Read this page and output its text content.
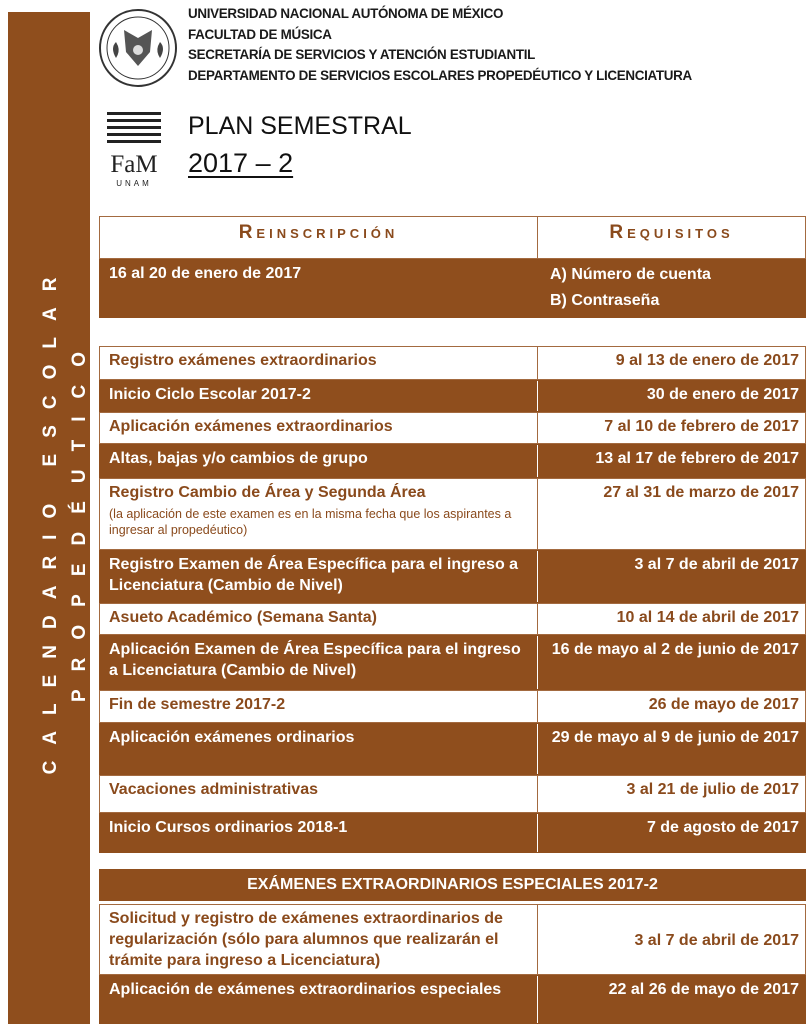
CALENDARIO ESCOLAR PROPEDÉUTICO
UNIVERSIDAD NACIONAL AUTÓNOMA DE MÉXICO
FACULTAD DE MÚSICA
SECRETARÍA DE SERVICIOS Y ATENCIÓN ESTUDIANTIL
DEPARTAMENTO DE SERVICIOS ESCOLARES PROPEDÉUTICO Y LICENCIATURA
FaM
UNAM
PLAN SEMESTRAL
2017 – 2
Reinscripción	Requisitos
16 al 20 de enero de 2017	A) Número de cuenta
B) Contraseña
Registro exámenes extraordinarios	9 al 13 de enero de 2017
Inicio Ciclo Escolar 2017-2	30 de enero de 2017
Aplicación exámenes extraordinarios	7 al 10 de febrero de 2017
Altas, bajas y/o cambios de grupo	13 al 17 de febrero de 2017
Registro Cambio de Área y Segunda Área
(la aplicación de este examen es en la misma fecha que los aspirantes a ingresar al propedéutico)
27 al 31 de marzo de 2017
Registro Examen de Área Específica para el ingreso a Licenciatura (Cambio de Nivel)
3 al 7 de abril de 2017
Asueto Académico (Semana Santa)	10 al 14 de abril de 2017
Aplicación Examen de Área Específica para el ingreso a Licenciatura (Cambio de Nivel)
16 de mayo al 2 de junio de 2017
Fin de semestre 2017-2	26 de mayo de 2017
Aplicación exámenes ordinarios	29 de mayo al 9 de junio de 2017
Vacaciones administrativas	3 al 21 de julio de 2017
Inicio Cursos ordinarios 2018-1	7 de agosto de 2017
EXÁMENES EXTRAORDINARIOS ESPECIALES 2017-2
Solicitud y registro de exámenes extraordinarios de regularización (sólo para alumnos que realizarán el trámite para ingreso a Licenciatura)
3 al 7 de abril de 2017
Aplicación de exámenes extraordinarios especiales	22 al 26 de mayo de 2017
